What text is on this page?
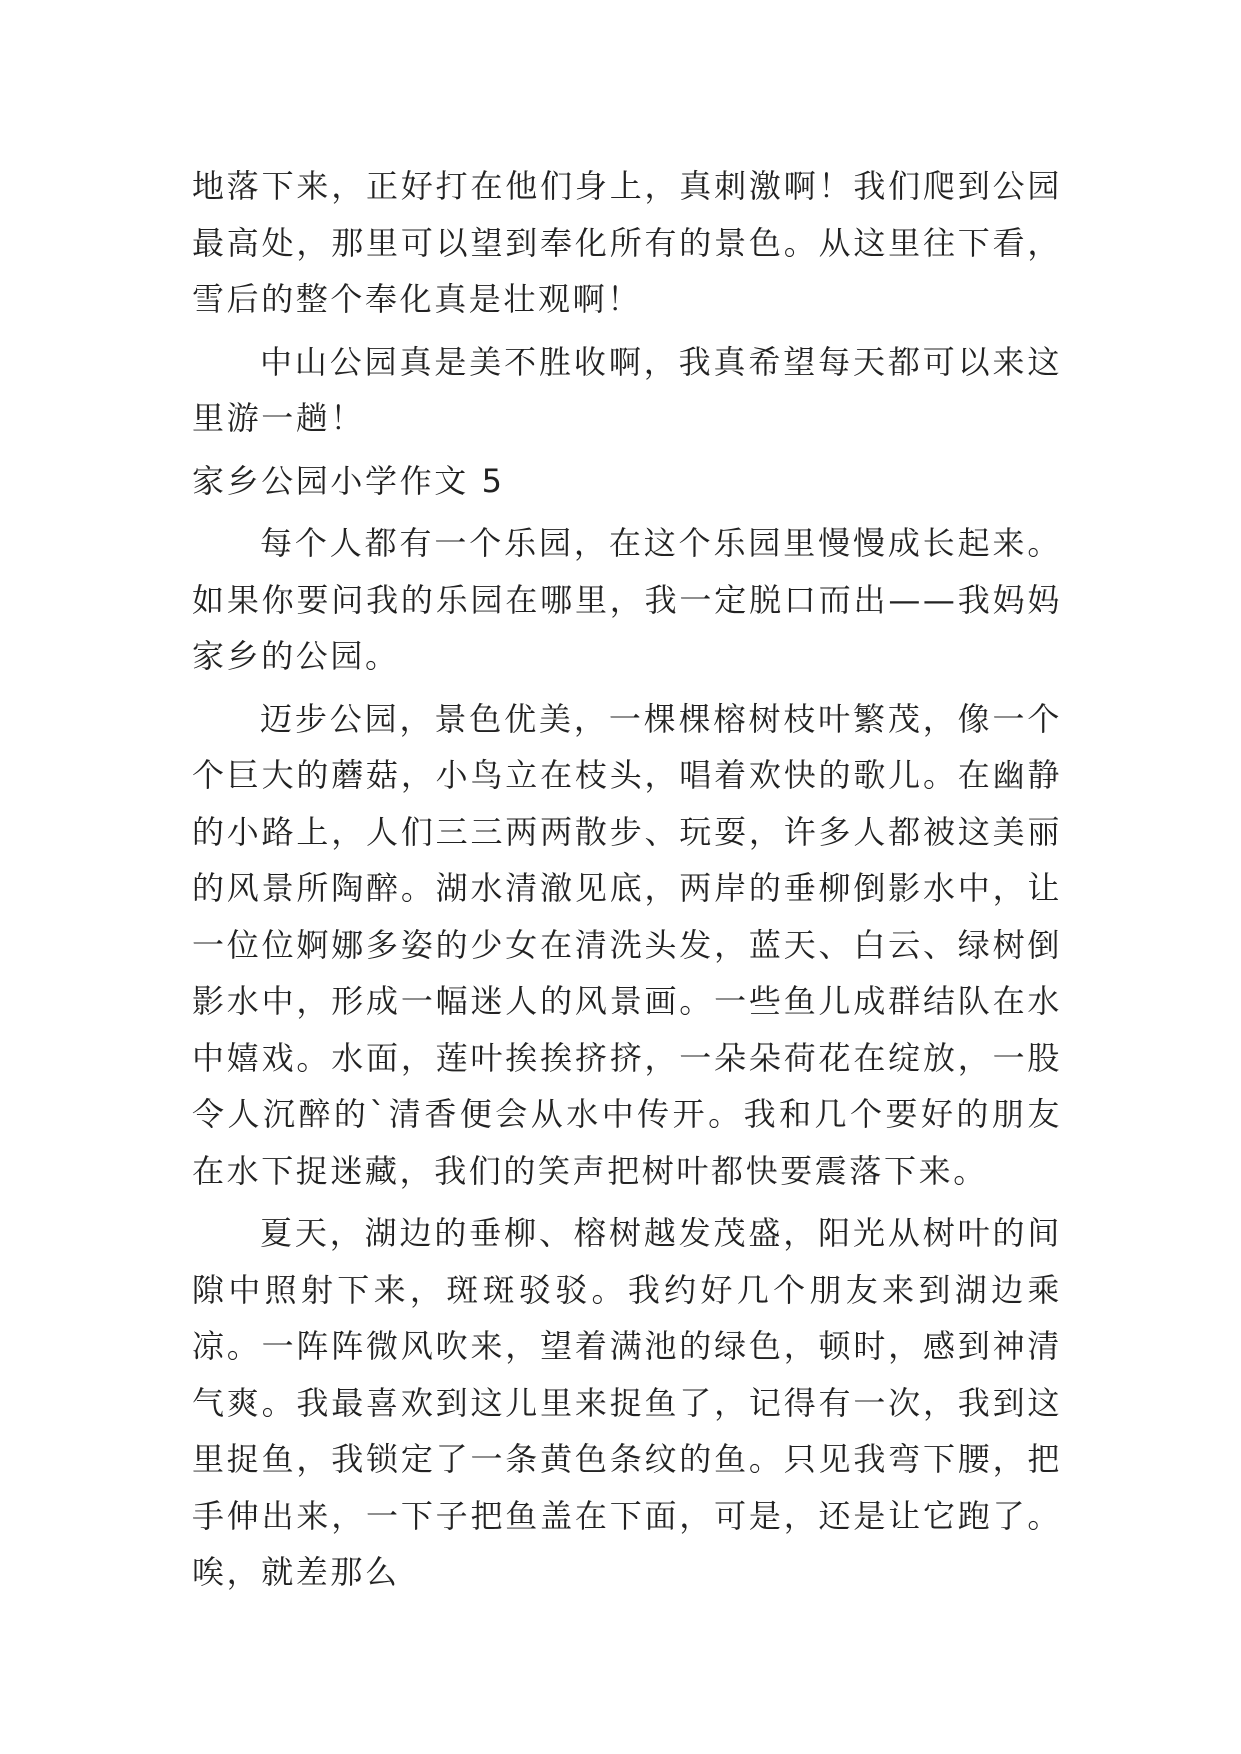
地落下来，正好打在他们身上，真刺激啊！我们爬到公园最高处，那里可以望到奉化所有的景色。从这里往下看，雪后的整个奉化真是壮观啊！

中山公园真是美不胜收啊，我真希望每天都可以来这里游一趟！

家乡公园小学作文 5

每个人都有一个乐园，在这个乐园里慢慢成长起来。如果你要问我的乐园在哪里，我一定脱口而出——我妈妈家乡的公园。

迈步公园，景色优美，一棵棵榕树枝叶繁茂，像一个个巨大的蘑菇，小鸟立在枝头，唱着欢快的歌儿。在幽静的小路上，人们三三两两散步、玩耍，许多人都被这美丽的风景所陶醉。湖水清澈见底，两岸的垂柳倒影水中，让一位位婀娜多姿的少女在清洗头发，蓝天、白云、绿树倒影水中，形成一幅迷人的风景画。一些鱼儿成群结队在水中嬉戏。水面，莲叶挨挨挤挤，一朵朵荷花在绽放，一股令人沉醉的`清香便会从水中传开。我和几个要好的朋友在水下捉迷藏，我们的笑声把树叶都快要震落下来。

夏天，湖边的垂柳、榕树越发茂盛，阳光从树叶的间隙中照射下来，斑斑驳驳。我约好几个朋友来到湖边乘凉。一阵阵微风吹来，望着满池的绿色，顿时，感到神清气爽。我最喜欢到这儿里来捉鱼了，记得有一次，我到这里捉鱼，我锁定了一条黄色条纹的鱼。只见我弯下腰，把手伸出来，一下子把鱼盖在下面，可是，还是让它跑了。唉，就差那么
